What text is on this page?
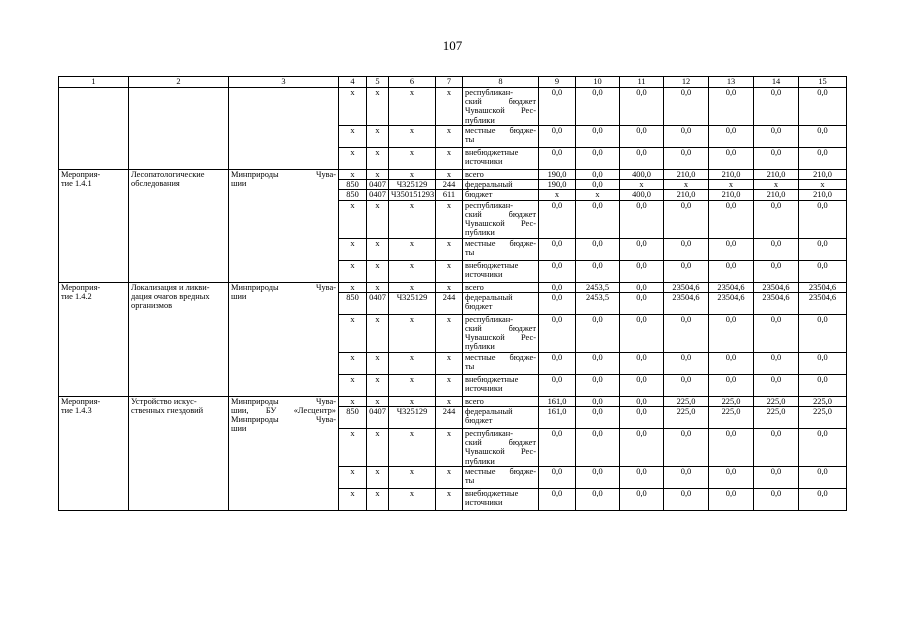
107
1	2	3	4	5	6	7	8	9	10	11	12	13	14	15
			x	x	x	x	республикан-
ский бюджет
Чувашской Рес-
публики	0,0	0,0	0,0	0,0	0,0	0,0	0,0
			x	x	x	x	местные бюдже-
ты	0,0	0,0	0,0	0,0	0,0	0,0	0,0
			x	x	x	x	внебюджетные
источники	0,0	0,0	0,0	0,0	0,0	0,0	0,0

Мероприя-
тие 1.4.1	Лесопатологические
обследования	Минприроды Чува-
шии	x	x	x	x	всего	190,0	0,0	400,0	210,0	210,0	210,0	210,0
			850	0407	Ч325129	244	федеральный	190,0	0,0	x	x	x	x	x
			850	0407	Ч350151293	611	бюджет	x	x	400,0	210,0	210,0	210,0	210,0
			x	x	x	x	республикан-
ский бюджет
Чувашской Рес-
публики	0,0	0,0	0,0	0,0	0,0	0,0	0,0
			x	x	x	x	местные бюдже-
ты	0,0	0,0	0,0	0,0	0,0	0,0	0,0
			x	x	x	x	внебюджетные
источники	0,0	0,0	0,0	0,0	0,0	0,0	0,0

Мероприя-
тие 1.4.2	Локализация и ликви-
дация очагов вредных
организмов	Минприроды Чува-
шии	x	x	x	x	всего	0,0	2453,5	0,0	23504,6	23504,6	23504,6	23504,6
			850	0407	Ч325129	244	федеральный
бюджет	0,0	2453,5	0,0	23504,6	23504,6	23504,6	23504,6
			x	x	x	x	республикан-
ский бюджет
Чувашской Рес-
публики	0,0	0,0	0,0	0,0	0,0	0,0	0,0
			x	x	x	x	местные бюдже-
ты	0,0	0,0	0,0	0,0	0,0	0,0	0,0
			x	x	x	x	внебюджетные
источники	0,0	0,0	0,0	0,0	0,0	0,0	0,0

Мероприя-
тие 1.4.3	Устройство искус-
ственных гнездовий	Минприроды Чува-
шии, БУ «Лесцентр»
Минприроды Чува-
шии	x	x	x	x	всего	161,0	0,0	0,0	225,0	225,0	225,0	225,0
			850	0407	Ч325129	244	федеральный
бюджет	161,0	0,0	0,0	225,0	225,0	225,0	225,0
			x	x	x	x	республикан-
ский бюджет
Чувашской Рес-
публики	0,0	0,0	0,0	0,0	0,0	0,0	0,0
			x	x	x	x	местные бюдже-
ты	0,0	0,0	0,0	0,0	0,0	0,0	0,0
			x	x	x	x	внебюджетные
источники	0,0	0,0	0,0	0,0	0,0	0,0	0,0
